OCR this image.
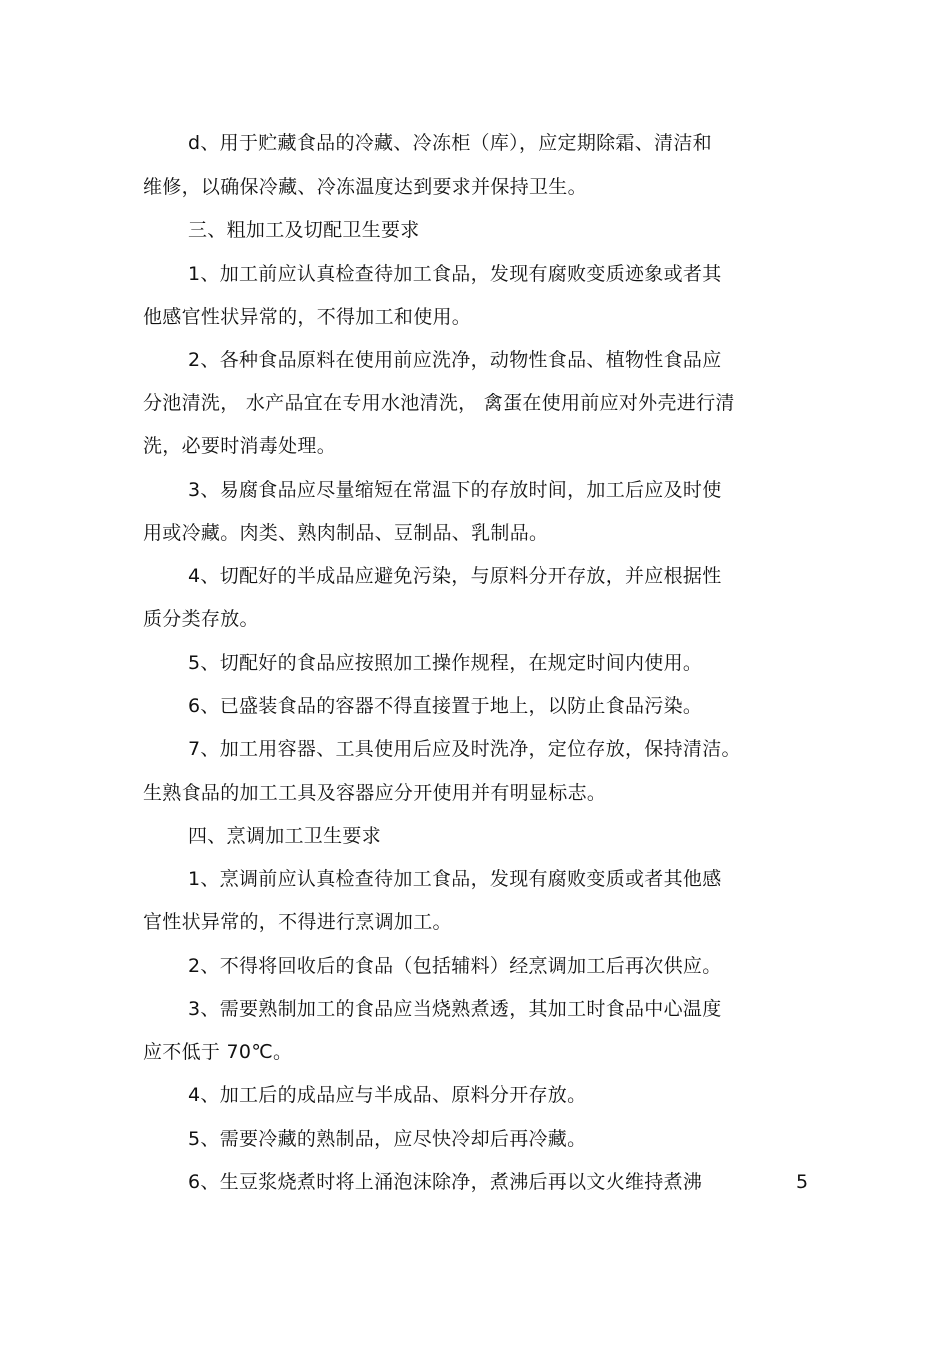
d、用于贮藏食品的冷藏、冷冻柜（库），应定期除霜、清洁和
维修，以确保冷藏、冷冻温度达到要求并保持卫生。
三、粗加工及切配卫生要求
1、加工前应认真检查待加工食品，发现有腐败变质迹象或者其
他感官性状异常的，不得加工和使用。
2、各种食品原料在使用前应洗净，动物性食品、植物性食品应
分池清洗， 水产品宜在专用水池清洗， 禽蛋在使用前应对外壳进行清
洗，必要时消毒处理。
3、易腐食品应尽量缩短在常温下的存放时间，加工后应及时使
用或冷藏。肉类、熟肉制品、豆制品、乳制品。
4、切配好的半成品应避免污染，与原料分开存放，并应根据性
质分类存放。
5、切配好的食品应按照加工操作规程，在规定时间内使用。
6、已盛装食品的容器不得直接置于地上，以防止食品污染。
7、加工用容器、工具使用后应及时洗净，定位存放，保持清洁。
生熟食品的加工工具及容器应分开使用并有明显标志。
四、烹调加工卫生要求
1、烹调前应认真检查待加工食品，发现有腐败变质或者其他感
官性状异常的，不得进行烹调加工。
2、不得将回收后的食品（包括辅料）经烹调加工后再次供应。
3、需要熟制加工的食品应当烧熟煮透，其加工时食品中心温度
应不低于 70℃。
4、加工后的成品应与半成品、原料分开存放。
5、需要冷藏的熟制品，应尽快冷却后再冷藏。
6、生豆浆烧煮时将上涌泡沫除净，煮沸后再以文火维持煮沸	5
